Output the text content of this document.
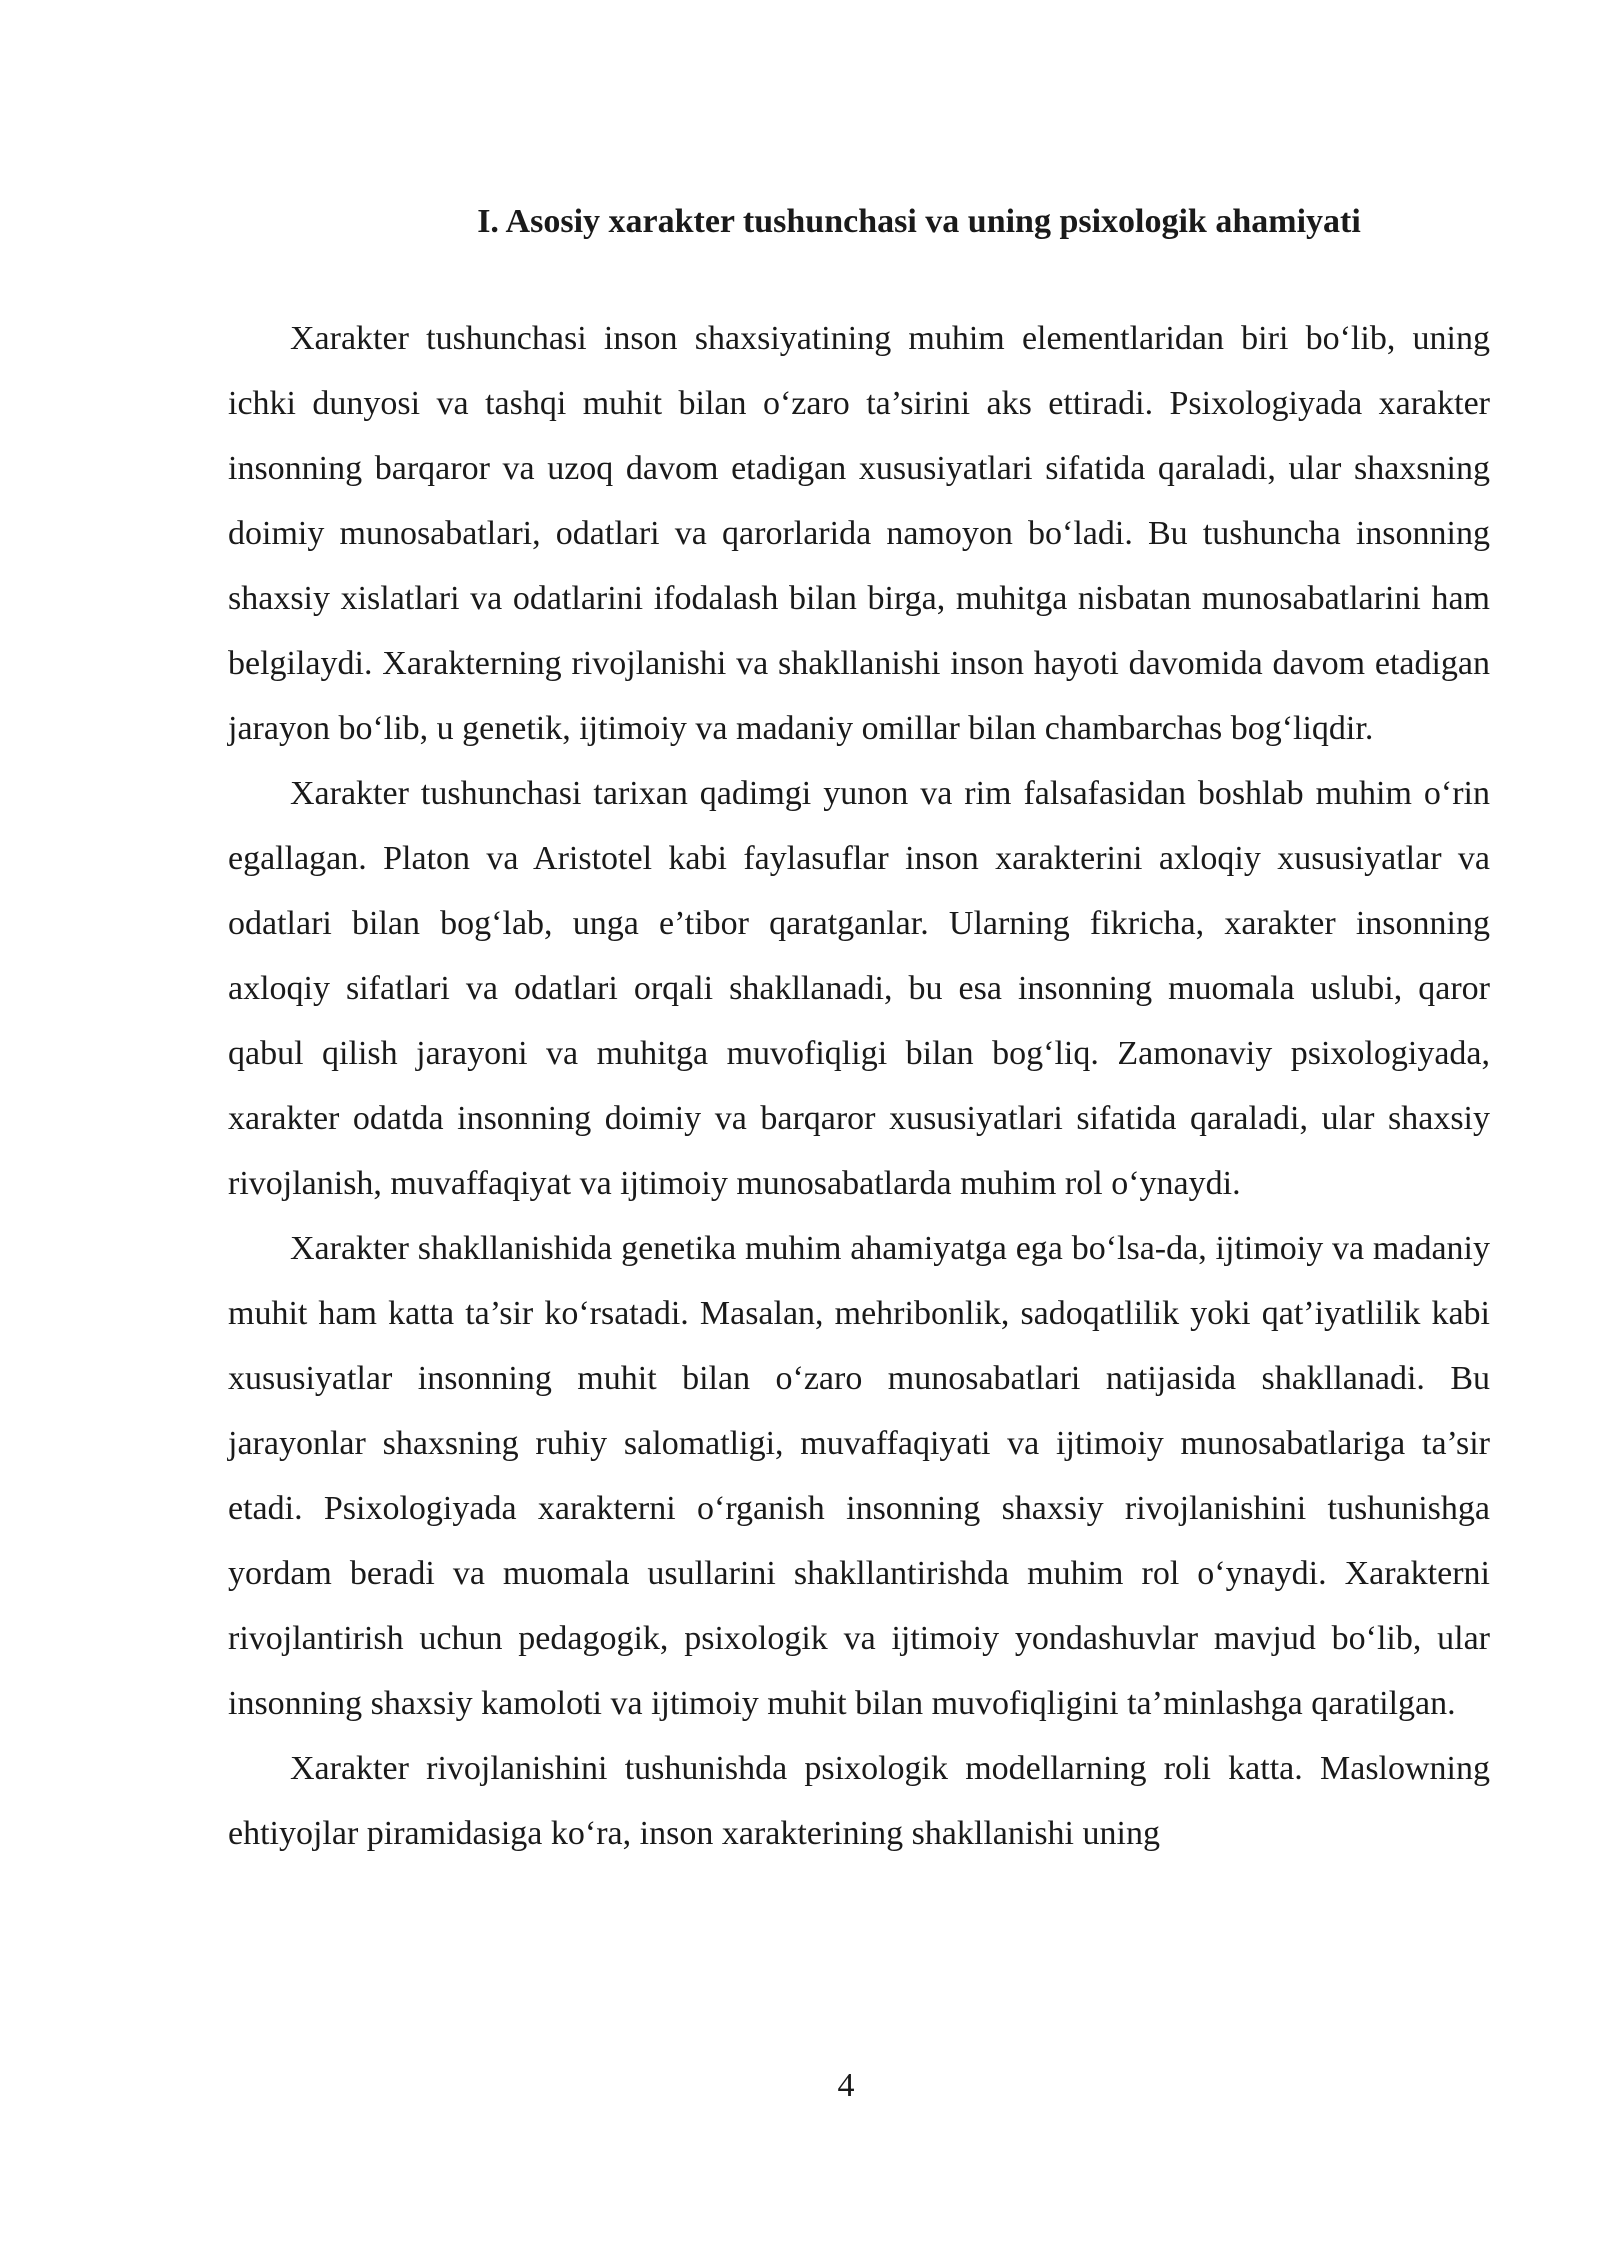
I. Asosiy xarakter tushunchasi va uning psixologik ahamiyati

Xarakter tushunchasi inson shaxsiyatining muhim elementlaridan biri bo‘lib, uning ichki dunyosi va tashqi muhit bilan o‘zaro ta’sirini aks ettiradi. Psixologiyada xarakter insonning barqaror va uzoq davom etadigan xususiyatlari sifatida qaraladi, ular shaxsning doimiy munosabatlari, odatlari va qarorlarida namoyon bo‘ladi. Bu tushuncha insonning shaxsiy xislatlari va odatlarini ifodalash bilan birga, muhitga nisbatan munosabatlarini ham belgilaydi. Xarakterning rivojlanishi va shakllanishi inson hayoti davomida davom etadigan jarayon bo‘lib, u genetik, ijtimoiy va madaniy omillar bilan chambarchas bog‘liqdir.

Xarakter tushunchasi tarixan qadimgi yunon va rim falsafasidan boshlab muhim o‘rin egallagan. Platon va Aristotel kabi faylasuflar inson xarakterini axloqiy xususiyatlar va odatlari bilan bog‘lab, unga e’tibor qaratganlar. Ularning fikricha, xarakter insonning axloqiy sifatlari va odatlari orqali shakllanadi, bu esa insonning muomala uslubi, qaror qabul qilish jarayoni va muhitga muvofiqligi bilan bog‘liq. Zamonaviy psixologiyada, xarakter odatda insonning doimiy va barqaror xususiyatlari sifatida qaraladi, ular shaxsiy rivojlanish, muvaffaqiyat va ijtimoiy munosabatlarda muhim rol o‘ynaydi.

Xarakter shakllanishida genetika muhim ahamiyatga ega bo‘lsa-da, ijtimoiy va madaniy muhit ham katta ta’sir ko‘rsatadi. Masalan, mehribonlik, sadoqatlilik yoki qat’iyatlilik kabi xususiyatlar insonning muhit bilan o‘zaro munosabatlari natijasida shakllanadi. Bu jarayonlar shaxsning ruhiy salomatligi, muvaffaqiyati va ijtimoiy munosabatlariga ta’sir etadi. Psixologiyada xarakterni o‘rganish insonning shaxsiy rivojlanishini tushunishga yordam beradi va muomala usullarini shakllantirishda muhim rol o‘ynaydi. Xarakterni rivojlantirish uchun pedagogik, psixologik va ijtimoiy yondashuvlar mavjud bo‘lib, ular insonning shaxsiy kamoloti va ijtimoiy muhit bilan muvofiqligini ta’minlashga qaratilgan.

Xarakter rivojlanishini tushunishda psixologik modellarning roli katta. Maslowning ehtiyojlar piramidasiga ko‘ra, inson xarakterining shakllanishi uning

4
